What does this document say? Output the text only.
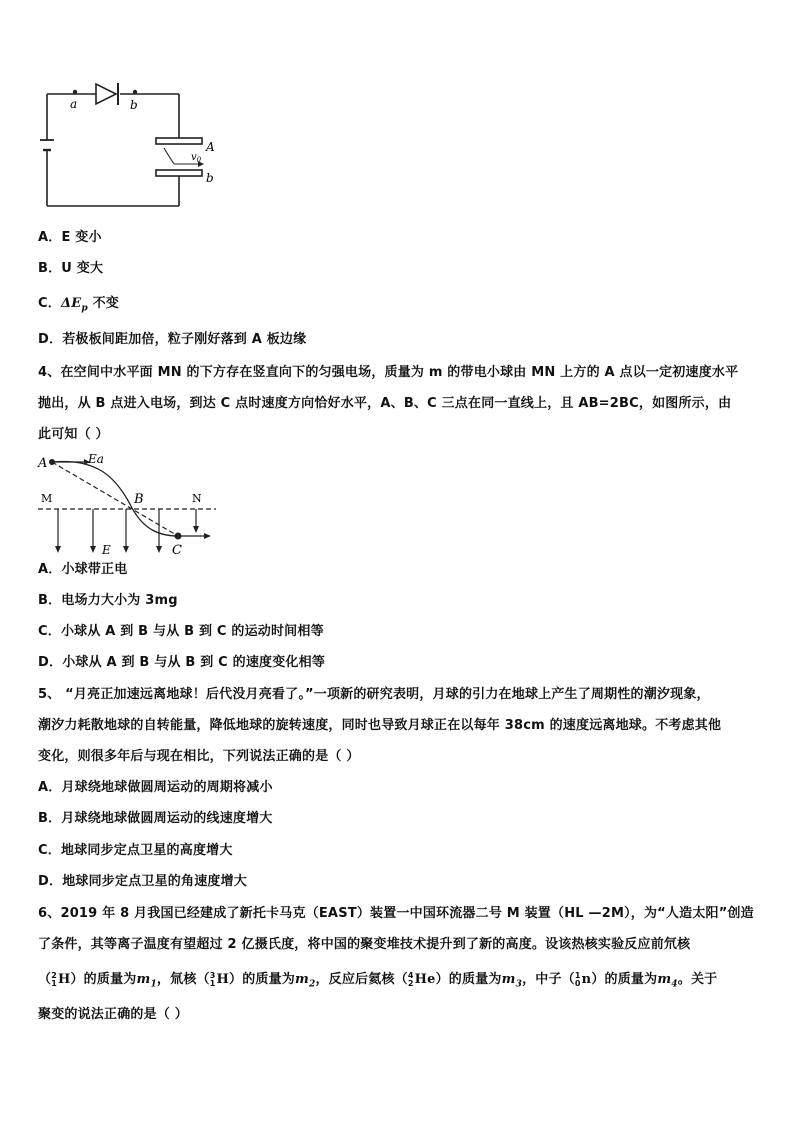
a	b
A
b
$v_0$
A．E 变小
B．U 变大
C．$\Delta E_p$ 不变
D．若极板间距加倍，粒子刚好落到 A 板边缘
4、在空间中水平面 MN 的下方存在竖直向下的匀强电场，质量为 m 的带电小球由 MN 上方的 A 点以一定初速度水平
抛出，从 B 点进入电场，到达 C 点时速度方向恰好水平，A、B、C 三点在同一直线上，且 AB=2BC，如图所示，由
此可知（ ）
A	Ea
M	B	N
E	C
A．小球带正电
B．电场力大小为 3mg
C．小球从 A 到 B 与从 B 到 C 的运动时间相等
D．小球从 A 到 B 与从 B 到 C 的速度变化相等
5、 “月亮正加速远离地球！后代没月亮看了。”一项新的研究表明，月球的引力在地球上产生了周期性的潮汐现象，
潮汐力耗散地球的自转能量，降低地球的旋转速度，同时也导致月球正在以每年 38cm 的速度远离地球。不考虑其他
变化，则很多年后与现在相比，下列说法正确的是（ ）
A．月球绕地球做圆周运动的周期将减小
B．月球绕地球做圆周运动的线速度增大
C．地球同步定点卫星的高度增大
D．地球同步定点卫星的角速度增大
6、2019 年 8 月我国已经建成了新托卡马克（EAST）装置一中国环流器二号 M 装置（HL —2M），为“人造太阳”创造
了条件，其等离子温度有望超过 2 亿摄氏度，将中国的聚变堆技术提升到了新的高度。设该热核实验反应前氘核
（ 2
1 H）的质量为$m_1$，氚核（ 3
1 H）的质量为$m_2$，反应后氦核（ 4
2 He）的质量为$m_3$，中子（ 1
0 n）的质量为$m_4$。关于
聚变的说法正确的是（ ）
